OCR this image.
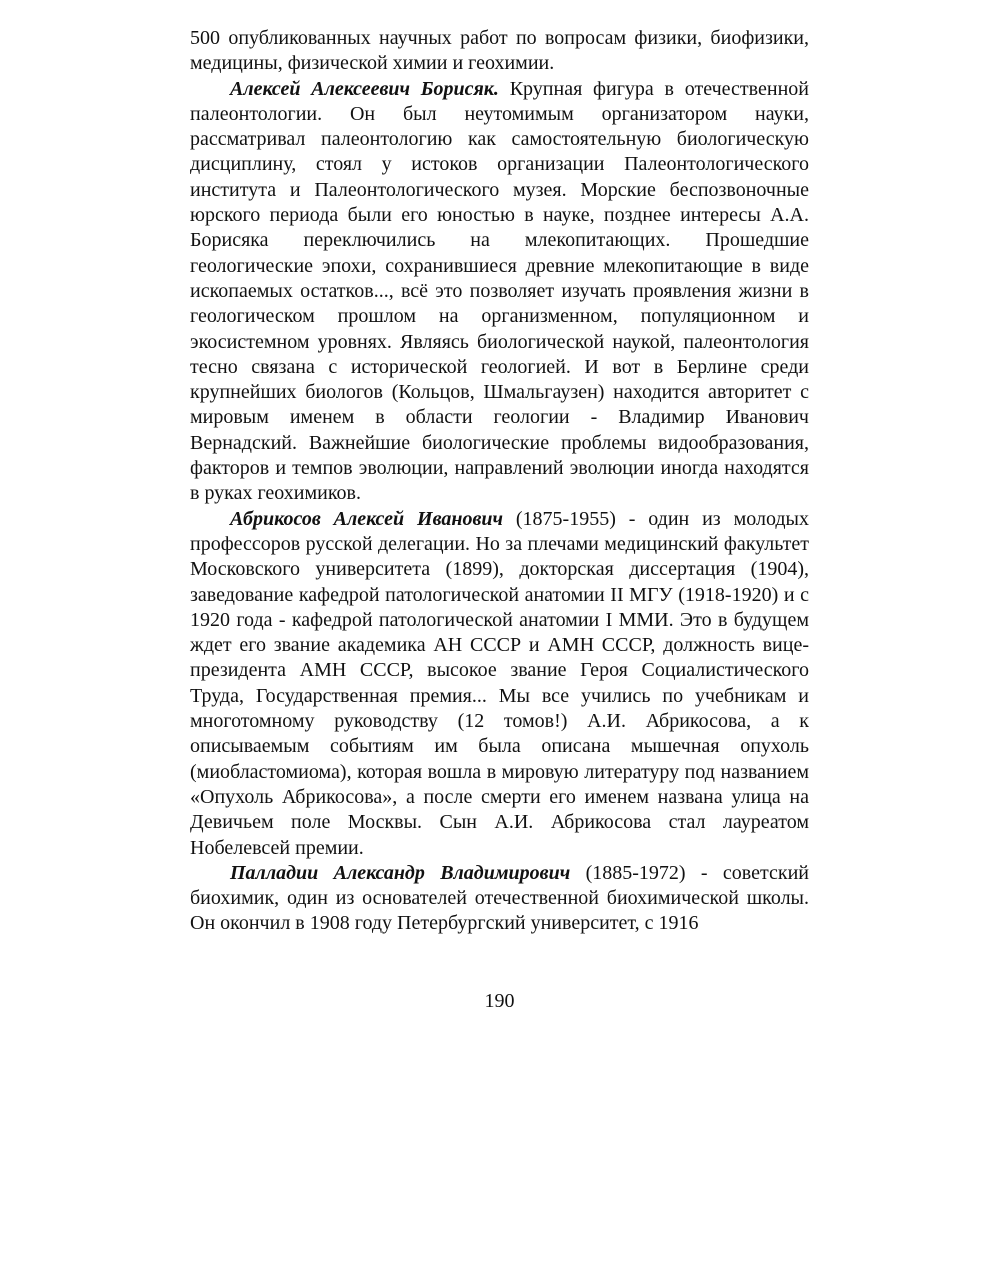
500 опубликованных научных работ по вопросам физики, биофизики, медицины, физической химии и геохимии.

Алексей Алексеевич Борисяк. Крупная фигура в отечественной палеонтологии. Он был неутомимым организатором науки, рассматривал палеонтологию как самостоятельную биологическую дисциплину, стоял у истоков организации Палеонтологического института и Палеонтологического музея. Морские беспозвоночные юрского периода были его юностью в науке, позднее интересы А.А. Борисяка переключились на млекопитающих. Прошедшие геологические эпохи, сохранившиеся древние млекопитающие в виде ископаемых остатков..., всё это позволяет изучать проявления жизни в геологическом прошлом на организменном, популяционном и экосистемном уровнях. Являясь биологической наукой, палеонтология тесно связана с исторической геологией. И вот в Берлине среди крупнейших биологов (Кольцов, Шмальгаузен) находится авторитет с мировым именем в области геологии - Владимир Иванович Вернадский. Важнейшие биологические проблемы видообразования, факторов и темпов эволюции, направлений эволюции иногда находятся в руках геохимиков.

Абрикосов Алексей Иванович (1875-1955) - один из молодых профессоров русской делегации. Но за плечами медицинский факультет Московского университета (1899), докторская диссертация (1904), заведование кафедрой патологической анатомии II МГУ (1918-1920) и с 1920 года - кафедрой патологической анатомии I ММИ. Это в будущем ждет его звание академика АН СССР и АМН СССР, должность вице-президента АМН СССР, высокое звание Героя Социалистического Труда, Государственная премия... Мы все учились по учебникам и многотомному руководству (12 томов!) А.И. Абрикосова, а к описываемым событиям им была описана мышечная опухоль (миобластомиома), которая вошла в мировую литературу под названием «Опухоль Абрикосова», а после смерти его именем названа улица на Девичьем поле Москвы. Сын А.И. Абрикосова стал лауреатом Нобелевсей премии.

Палладии Александр Владимирович (1885-1972) - советский биохимик, один из основателей отечественной биохимической школы. Он окончил в 1908 году Петербургский университет, с 1916

190
